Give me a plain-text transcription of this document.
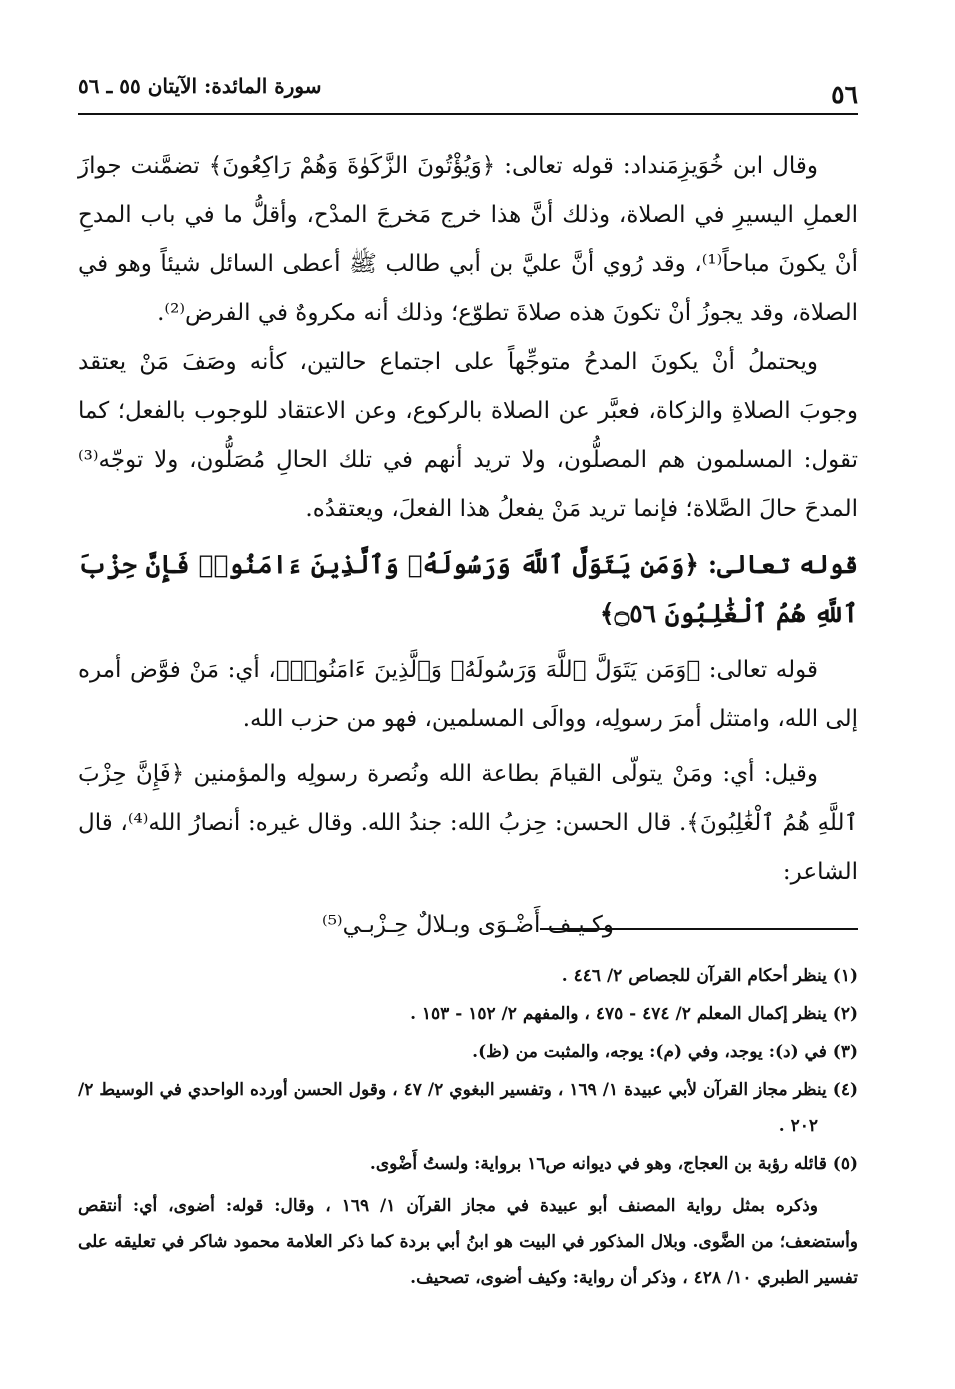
٥٦
سورة المائدة: الآيتان ٥٥ ـ ٥٦

وقال ابن خُوَيزِمَنداد: قوله تعالى: ﴿وَيُؤْتُونَ الزَّكَوٰةَ وَهُمْ رَاكِعُونَ﴾ تضمَّنت جوازَ العملِ اليسيرِ في الصلاة، وذلك أنَّ هذا خرج مَخرجَ المدْح، وأقلُّ ما في باب المدحِ أنْ يكونَ مباحاً⁽¹⁾، وقد رُوي أنَّ عليَّ بن أبي طالب ﷺ أعطى السائل شيئاً وهو في الصلاة، وقد يجوزُ أنْ تكونَ هذه صلاةَ تطوّع؛ وذلك أنه مكروهٌ في الفرض⁽²⁾.

ويحتملُ أنْ يكونَ المدحُ متوجِّهاً على اجتماع حالتين، كأنه وصَفَ مَنْ يعتقد وجوبَ الصلاةِ والزكاة، فعبَّر عن الصلاة بالركوع، وعن الاعتقاد للوجوب بالفعل؛ كما تقول: المسلمون هم المصلُّون، ولا تريد أنهم في تلك الحالِ مُصَلُّون، ولا توجّه⁽³⁾ المدحَ حالَ الصَّلاة؛ فإنما تريد مَنْ يفعلُ هذا الفعلَ، ويعتقدُه.

قوله تعالى: ﴿وَمَن يَتَوَلَّ ٱللَّهَ وَرَسُولَهُۥ وَٱلَّذِينَ ءَامَنُوا۟ فَإِنَّ حِزْبَ ٱللَّهِ هُمُ ٱلْغَٰلِبُونَ ۝٥٦﴾

قوله تعالى: ﴿وَمَن يَتَوَلَّ ٱللَّهَ وَرَسُولَهُۥ وَٱلَّذِينَ ءَامَنُوا۟﴾، أي: مَنْ فوَّض أمره إلى الله، وامتثل أمرَ رسولِه، ووالَى المسلمين، فهو من حزب الله.

وقيل: أي: ومَنْ يتولّى القيامَ بطاعة الله ونُصرة رسولِه والمؤمنين ﴿فَإِنَّ حِزْبَ ٱللَّهِ هُمُ ٱلْغَٰلِبُونَ﴾. قال الحسن: حِزبُ الله: جندُ الله. وقال غيره: أنصارُ الله⁽⁴⁾، قال الشاعر:

وكـيـف أَضْـوَى وبـلالٌ حِـزْبـي⁽⁵⁾

(١) ينظر أحكام القرآن للجصاص ٢/ ٤٤٦ .

(٢) ينظر إكمال المعلم ٢/ ٤٧٤ - ٤٧٥ ، والمفهم ٢/ ١٥٢ - ١٥٣ .

(٣) في (د): يوجد، وفي (م): يوجه، والمثبت من (ظ).

(٤) ينظر مجاز القرآن لأبي عبيدة ١/ ١٦٩ ، وتفسير البغوي ٢/ ٤٧ ، وقول الحسن أورده الواحدي في الوسيط ٢/ ٢٠٢ .

(٥) قائله رؤبة بن العجاج، وهو في ديوانه ص١٦ برواية: ولستُ أَضْوى.

وذكره بمثل رواية المصنف أبو عبيدة في مجاز القرآن ١/ ١٦٩ ، وقال: قوله: أضوى، أي: أنتقص وأستضعف؛ من الضَّوى. وبلال المذكور في البيت هو ابنُ أبي بردة كما ذكر العلامة محمود شاكر في تعليقه على تفسير الطبري ١٠/ ٤٢٨ ، وذكر أن رواية: وكيف أضوى، تصحيف.
